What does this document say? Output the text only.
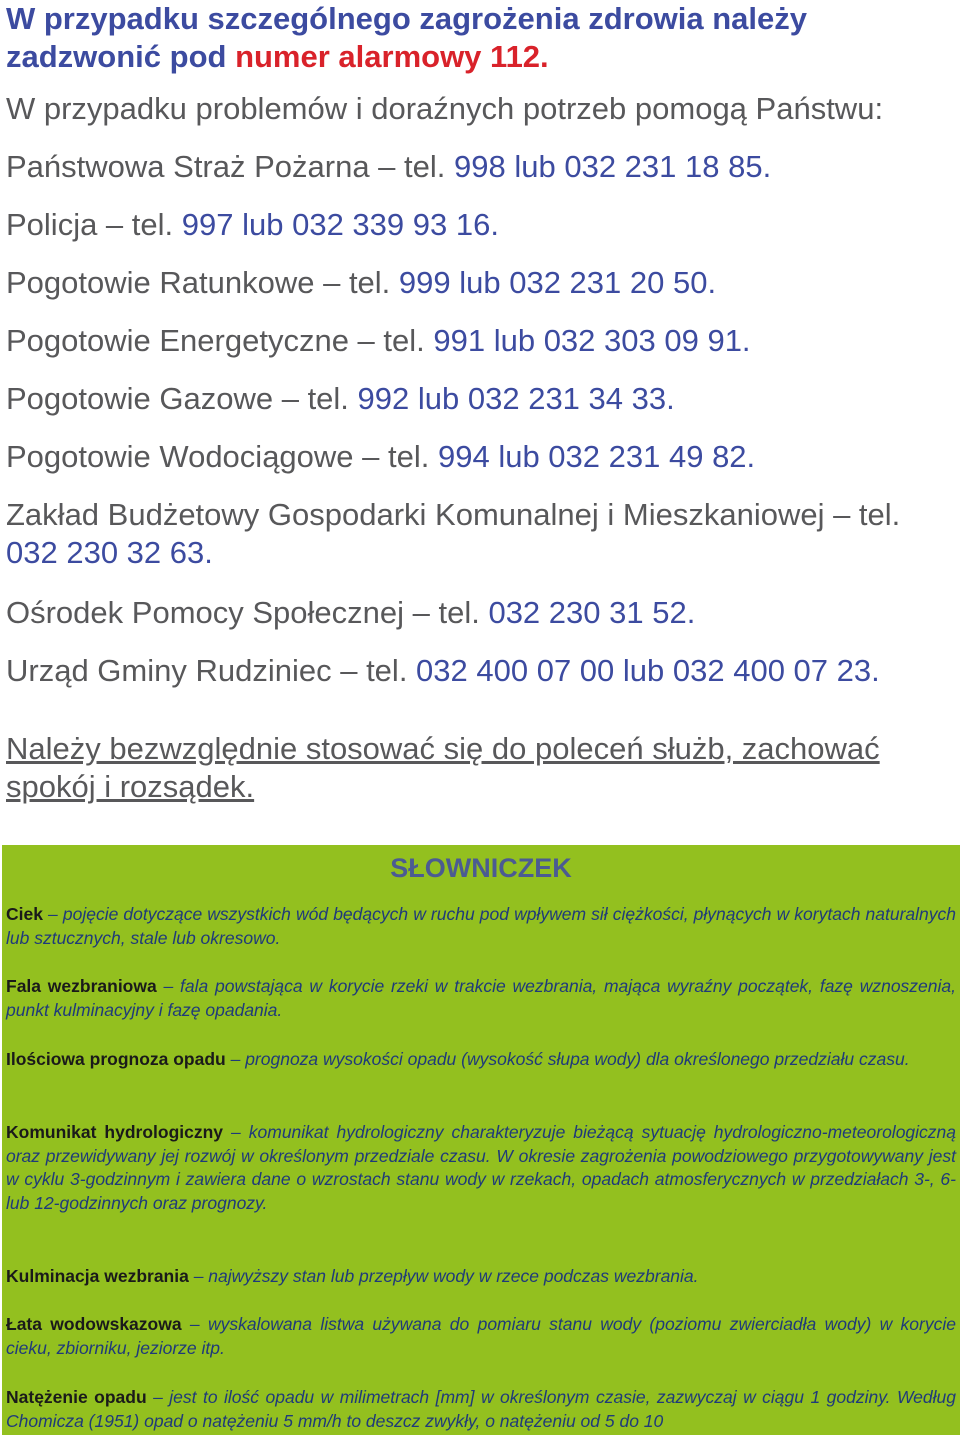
W przypadku szczególnego zagrożenia zdrowia należy zadzwonić pod numer alarmowy 112.
W przypadku problemów i doraźnych potrzeb pomogą Państwu:
Państwowa Straż Pożarna – tel. 998 lub 032 231 18 85.
Policja – tel. 997 lub 032 339 93 16.
Pogotowie Ratunkowe – tel. 999 lub 032 231 20 50.
Pogotowie Energetyczne – tel. 991 lub 032 303 09 91.
Pogotowie Gazowe – tel. 992 lub 032 231 34 33.
Pogotowie Wodociągowe – tel. 994 lub 032 231 49 82.
Zakład Budżetowy Gospodarki Komunalnej i Mieszkaniowej – tel. 032 230 32 63.
Ośrodek Pomocy Społecznej – tel. 032 230 31 52.
Urząd Gminy Rudziniec – tel. 032 400 07 00 lub 032 400 07 23.
Należy bezwzględnie stosować się do poleceń służb, zachować spokój i rozsądek.
SŁOWNICZEK
Ciek – pojęcie dotyczące wszystkich wód będących w ruchu pod wpływem sił ciężkości, płynących w korytach naturalnych lub sztucznych, stale lub okresowo.
Fala wezbraniowa – fala powstająca w korycie rzeki w trakcie wezbrania, mająca wyraźny początek, fazę wznoszenia, punkt kulminacyjny i fazę opadania.
Ilościowa prognoza opadu – prognoza wysokości opadu (wysokość słupa wody) dla określonego przedziału czasu.
Komunikat hydrologiczny – komunikat hydrologiczny charakteryzuje bieżącą sytuację hydrologiczno-meteorologiczną oraz przewidywany jej rozwój w określonym przedziale czasu. W okresie zagrożenia powodziowego przygotowywany jest w cyklu 3-godzinnym i zawiera dane o wzrostach stanu wody w rzekach, opadach atmosferycznych w przedziałach 3-, 6- lub 12-godzinnych oraz prognozy.
Kulminacja wezbrania – najwyższy stan lub przepływ wody w rzece podczas wezbrania.
Łata wodowskazowa – wyskalowana listwa używana do pomiaru stanu wody (poziomu zwierciadła wody) w korycie cieku, zbiorniku, jeziorze itp.
Natężenie opadu – jest to ilość opadu w milimetrach [mm] w określonym czasie, zazwyczaj w ciągu 1 godziny. Według Chomicza (1951) opad o natężeniu 5 mm/h to deszcz zwykły, o natężeniu od 5 do 10
